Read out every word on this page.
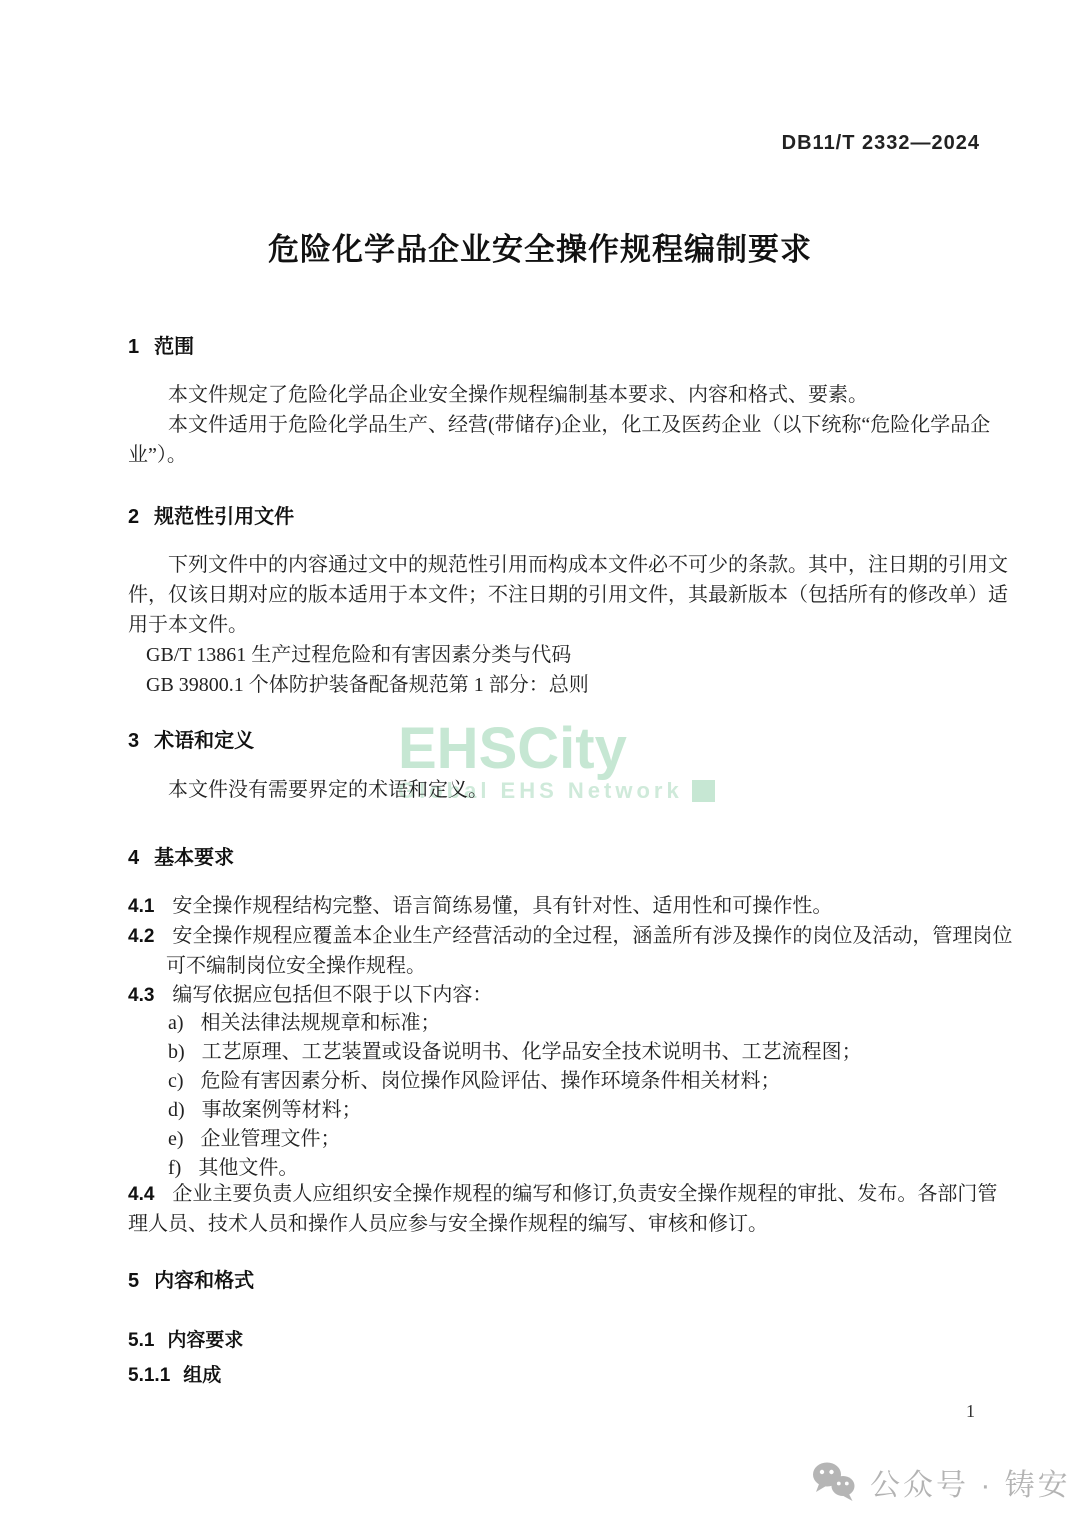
EHSCity
Global EHS Network
DB11/T 2332—2024
危险化学品企业安全操作规程编制要求
1 范围
本文件规定了危险化学品企业安全操作规程编制基本要求、内容和格式、要素。
本文件适用于危险化学品生产、经营(带储存)企业，化工及医药企业（以下统称“危险化学品企
业”）。
2 规范性引用文件
下列文件中的内容通过文中的规范性引用而构成本文件必不可少的条款。其中，注日期的引用文
件，仅该日期对应的版本适用于本文件；不注日期的引用文件，其最新版本（包括所有的修改单）适
用于本文件。
GB/T 13861 生产过程危险和有害因素分类与代码
GB 39800.1 个体防护装备配备规范第 1 部分：总则
3 术语和定义
本文件没有需要界定的术语和定义。
4 基本要求
4.1 安全操作规程结构完整、语言简练易懂，具有针对性、适用性和可操作性。
4.2 安全操作规程应覆盖本企业生产经营活动的全过程，涵盖所有涉及操作的岗位及活动，管理岗位
可不编制岗位安全操作规程。
4.3 编写依据应包括但不限于以下内容：
a) 相关法律法规规章和标准；
b) 工艺原理、工艺装置或设备说明书、化学品安全技术说明书、工艺流程图；
c) 危险有害因素分析、岗位操作风险评估、操作环境条件相关材料；
d) 事故案例等材料；
e) 企业管理文件；
f) 其他文件。
4.4 企业主要负责人应组织安全操作规程的编写和修订,负责安全操作规程的审批、发布。各部门管
理人员、技术人员和操作人员应参与安全操作规程的编写、审核和修订。
5 内容和格式
5.1 内容要求
5.1.1 组成
1
公众号 · 铸安
